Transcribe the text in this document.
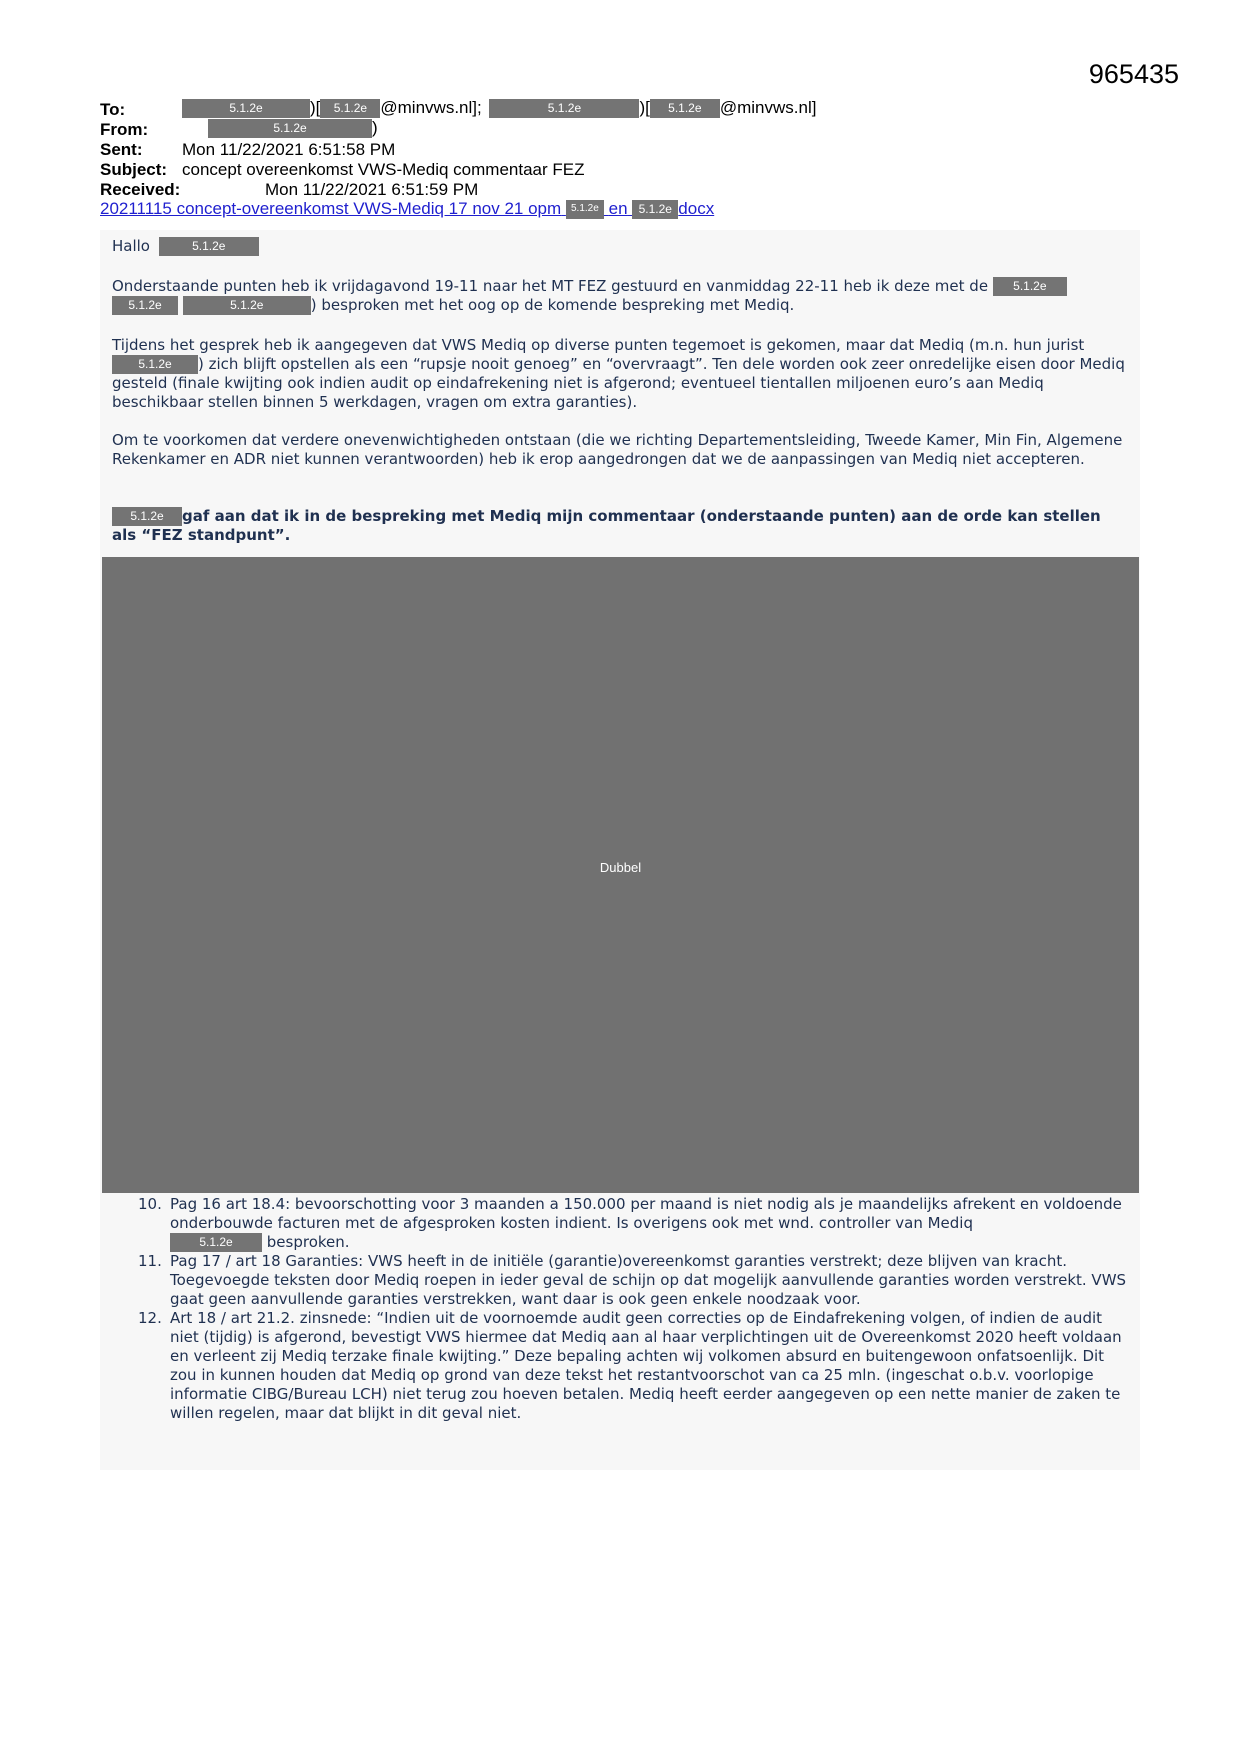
965435
To:	5.1.2e	)[ 5.1.2e @minvws.nl];	5.1.2e	)[ 5.1.2e @minvws.nl]
From:	5.1.2e	)
Sent: Mon 11/22/2021 6:51:58 PM
Subject: concept overeenkomst VWS-Mediq commentaar FEZ
Received:	Mon 11/22/2021 6:51:59 PM
20211115 concept-overeenkomst VWS-Mediq 17 nov 21 opm 5.1.2e en 5.1.2e docx
Hallo	5.1.2e
Onderstaande punten heb ik vrijdagavond 19-11 naar het MT FEZ gestuurd en vanmiddag 22-11 heb ik deze met de 5.1.2e
5.1.2e	5.1.2e	) besproken met het oog op de komende bespreking met Mediq.
Tijdens het gesprek heb ik aangegeven dat VWS Mediq op diverse punten tegemoet is gekomen, maar dat Mediq (m.n. hun jurist
5.1.2e ) zich blijft opstellen als een “rupsje nooit genoeg” en “overvraagt”. Ten dele worden ook zeer onredelijke eisen door Mediq gesteld (finale kwijting ook indien audit op eindafrekening niet is afgerond; eventueel tientallen miljoenen euro’s aan Mediq beschikbaar stellen binnen 5 werkdagen, vragen om extra garanties).
Om te voorkomen dat verdere onevenwichtigheden ontstaan (die we richting Departementsleiding, Tweede Kamer, Min Fin, Algemene Rekenkamer en ADR niet kunnen verantwoorden) heb ik erop aangedrongen dat we de aanpassingen van Mediq niet accepteren.
5.1.2e gaf aan dat ik in de bespreking met Mediq mijn commentaar (onderstaande punten) aan de orde kan stellen als “FEZ standpunt”.
Dubbel
10. Pag 16 art 18.4: bevoorschotting voor 3 maanden a 150.000 per maand is niet nodig als je maandelijks afrekent en voldoende onderbouwde facturen met de afgesproken kosten indient. Is overigens ook met wnd. controller van Mediq
5.1.2e besproken.
11. Pag 17 / art 18 Garanties: VWS heeft in de initiële (garantie)overeenkomst garanties verstrekt; deze blijven van kracht. Toegevoegde teksten door Mediq roepen in ieder geval de schijn op dat mogelijk aanvullende garanties worden verstrekt. VWS gaat geen aanvullende garanties verstrekken, want daar is ook geen enkele noodzaak voor.
12. Art 18 / art 21.2. zinsnede: “Indien uit de voornoemde audit geen correcties op de Eindafrekening volgen, of indien de audit niet (tijdig) is afgerond, bevestigt VWS hiermee dat Mediq aan al haar verplichtingen uit de Overeenkomst 2020 heeft voldaan en verleent zij Mediq terzake finale kwijting.” Deze bepaling achten wij volkomen absurd en buitengewoon onfatsoenlijk. Dit zou in kunnen houden dat Mediq op grond van deze tekst het restantvoorschot van ca 25 mln. (ingeschat o.b.v. voorlopige informatie CIBG/Bureau LCH) niet terug zou hoeven betalen. Mediq heeft eerder aangegeven op een nette manier de zaken te willen regelen, maar dat blijkt in dit geval niet.
